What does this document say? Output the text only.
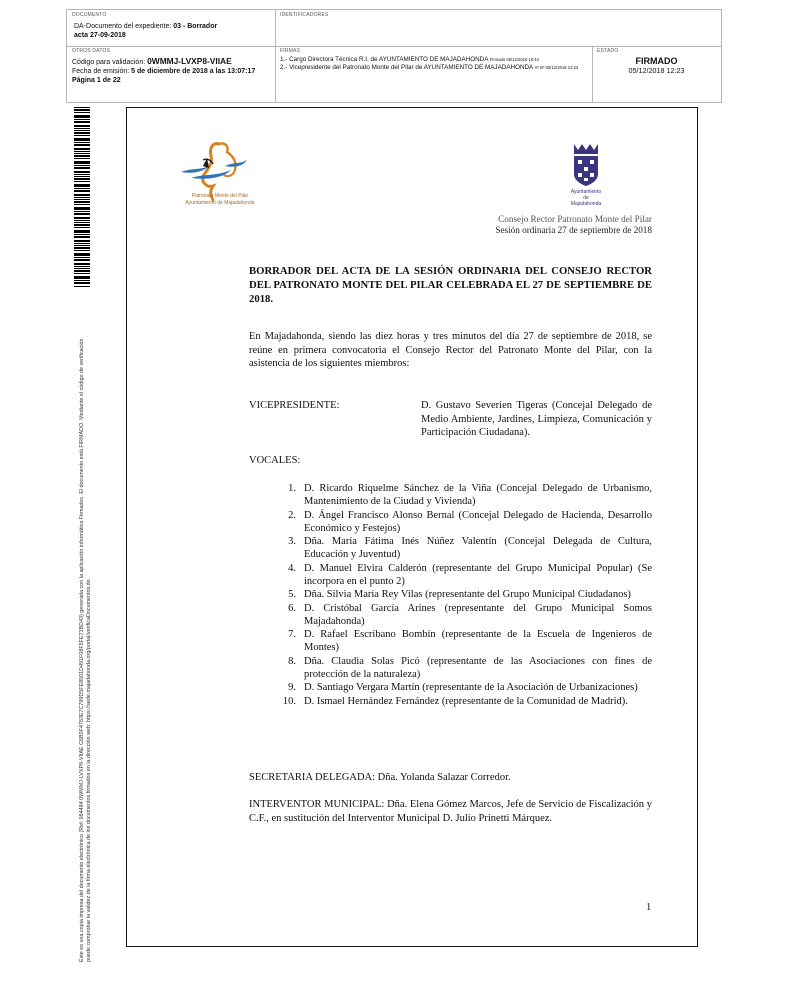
DOCUMENTO
DA-Documento del expediente: 03 - Borrador
acta 27-09-2018
IDENTIFICADORES
OTROS DATOS
Código para validación: 0WMMJ-LVXP8-VIIAE
Fecha de emisión: 5 de diciembre de 2018 a las 13:07:17
Página 1 de 22
FIRMAS
1.- Cargo Directora Técnica R.I. de AYUNTAMIENTO DE MAJADAHONDA Firmado 05/12/2018 10:44
2.- Vicepresidente del Patronato Monte del Pilar de AYUNTAMIENTO DE MAJADAHONDA Vº Bº 05/12/2018 12:23
ESTADO
FIRMADO
05/12/2018 12:23
Este es una copia impresa del documento electrónico (Ref: 984484 0WMMJ-LVXP8-VIIAE C6B0F4783E7C799D5FE8501D491F08F5FE73BD43) generada con la aplicación informática Firmadoc. El documento está FIRMADO. Mediante el código de verificación puede comprobar la validez de la firma electrónica de los documentos firmados en la dirección web: https://sede.majadahonda.org/portal/verificaDocumentos.do
Patronato Monte del Pilar
Ayuntamiento de Majadahonda
Ayuntamiento
de
Majadahonda
Consejo Rector Patronato Monte del Pilar
Sesión ordinaria 27 de septiembre de 2018
BORRADOR DEL ACTA DE LA SESIÓN ORDINARIA DEL CONSEJO RECTOR DEL PATRONATO MONTE DEL PILAR CELEBRADA EL 27 DE SEPTIEMBRE DE 2018.
En Majadahonda, siendo las diez horas y tres minutos del día 27 de septiembre de 2018, se reúne en primera convocatoria el Consejo Rector del Patronato Monte del Pilar, con la asistencia de los siguientes miembros:
VICEPRESIDENTE:	D. Gustavo Severien Tigeras (Concejal Delegado de Medio Ambiente, Jardines, Limpieza, Comunicación y Participación Ciudadana).
VOCALES:
1. D. Ricardo Riquelme Sánchez de la Viña (Concejal Delegado de Urbanismo, Mantenimiento de la Ciudad y Vivienda)
2. D. Ángel Francisco Alonso Bernal (Concejal Delegado de Hacienda, Desarrollo Económico y Festejos)
3. Dña. María Fátima Inés Núñez Valentín (Concejal Delegada de Cultura, Educación y Juventud)
4. D. Manuel Elvira Calderón (representante del Grupo Municipal Popular) (Se incorpora en el punto 2)
5. Dña. Silvia María Rey Vilas (representante del Grupo Municipal Ciudadanos)
6. D. Cristóbal García Arines (representante del Grupo Municipal Somos Majadahonda)
7. D. Rafael Escribano Bombín (representante de la Escuela de Ingenieros de Montes)
8. Dña. Claudia Solas Picó (representante de las Asociaciones con fines de protección de la naturaleza)
9. D. Santiago Vergara Martín (representante de la Asociación de Urbanizaciones)
10. D. Ismael Hernández Fernández (representante de la Comunidad de Madrid).
SECRETARIA DELEGADA: Dña. Yolanda Salazar Corredor.
INTERVENTOR MUNICIPAL: Dña. Elena Gómez Marcos, Jefe de Servicio de Fiscalización y C.F., en sustitución del Interventor Municipal D. Julio Prinetti Márquez.
1
